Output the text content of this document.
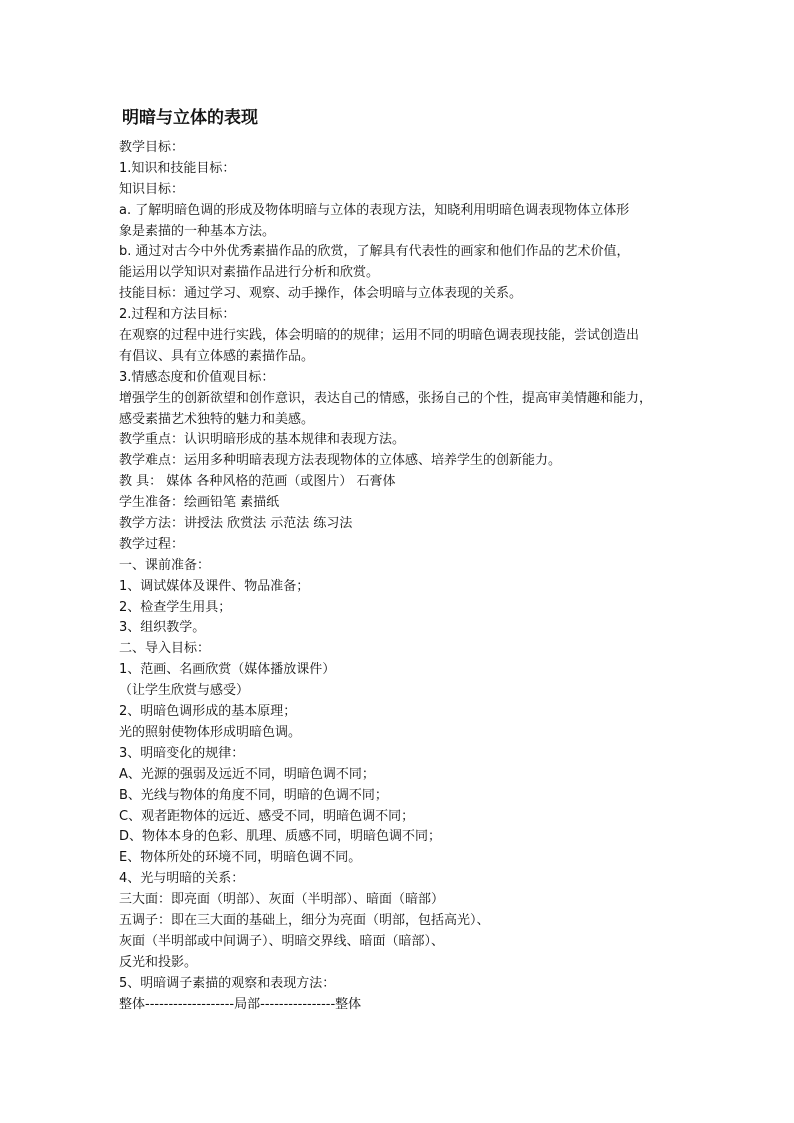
明暗与立体的表现
教学目标：
1.知识和技能目标：
知识目标：
a. 了解明暗色调的形成及物体明暗与立体的表现方法，知晓利用明暗色调表现物体立体形
象是素描的一种基本方法。
b. 通过对古今中外优秀素描作品的欣赏，了解具有代表性的画家和他们作品的艺术价值，
能运用以学知识对素描作品进行分析和欣赏。
技能目标：通过学习、观察、动手操作，体会明暗与立体表现的关系。
2.过程和方法目标：
在观察的过程中进行实践，体会明暗的的规律；运用不同的明暗色调表现技能，尝试创造出
有倡议、具有立体感的素描作品。
3.情感态度和价值观目标：
增强学生的创新欲望和创作意识，表达自己的情感，张扬自己的个性，提高审美情趣和能力，
感受素描艺术独特的魅力和美感。
教学重点：认识明暗形成的基本规律和表现方法。
教学难点：运用多种明暗表现方法表现物体的立体感、培养学生的创新能力。
教 具： 媒体 各种风格的范画（或图片） 石膏体
学生准备：绘画铅笔 素描纸
教学方法：讲授法 欣赏法 示范法 练习法
教学过程：
一、课前准备：
1、调试媒体及课件、物品准备；
2、检查学生用具；
3、组织教学。
二、导入目标：
1、范画、名画欣赏（媒体播放课件）
（让学生欣赏与感受）
2、明暗色调形成的基本原理；
光的照射使物体形成明暗色调。
3、明暗变化的规律：
A、光源的强弱及远近不同，明暗色调不同；
B、光线与物体的角度不同，明暗的色调不同；
C、观者距物体的远近、感受不同，明暗色调不同；
D、物体本身的色彩、肌理、质感不同，明暗色调不同；
E、物体所处的环境不同，明暗色调不同。
4、光与明暗的关系：
三大面：即亮面（明部）、灰面（半明部）、暗面（暗部）
五调子：即在三大面的基础上，细分为亮面（明部，包括高光）、
灰面（半明部或中间调子）、明暗交界线、暗面（暗部）、
反光和投影。
5、明暗调子素描的观察和表现方法：
整体-------------------局部----------------整体
